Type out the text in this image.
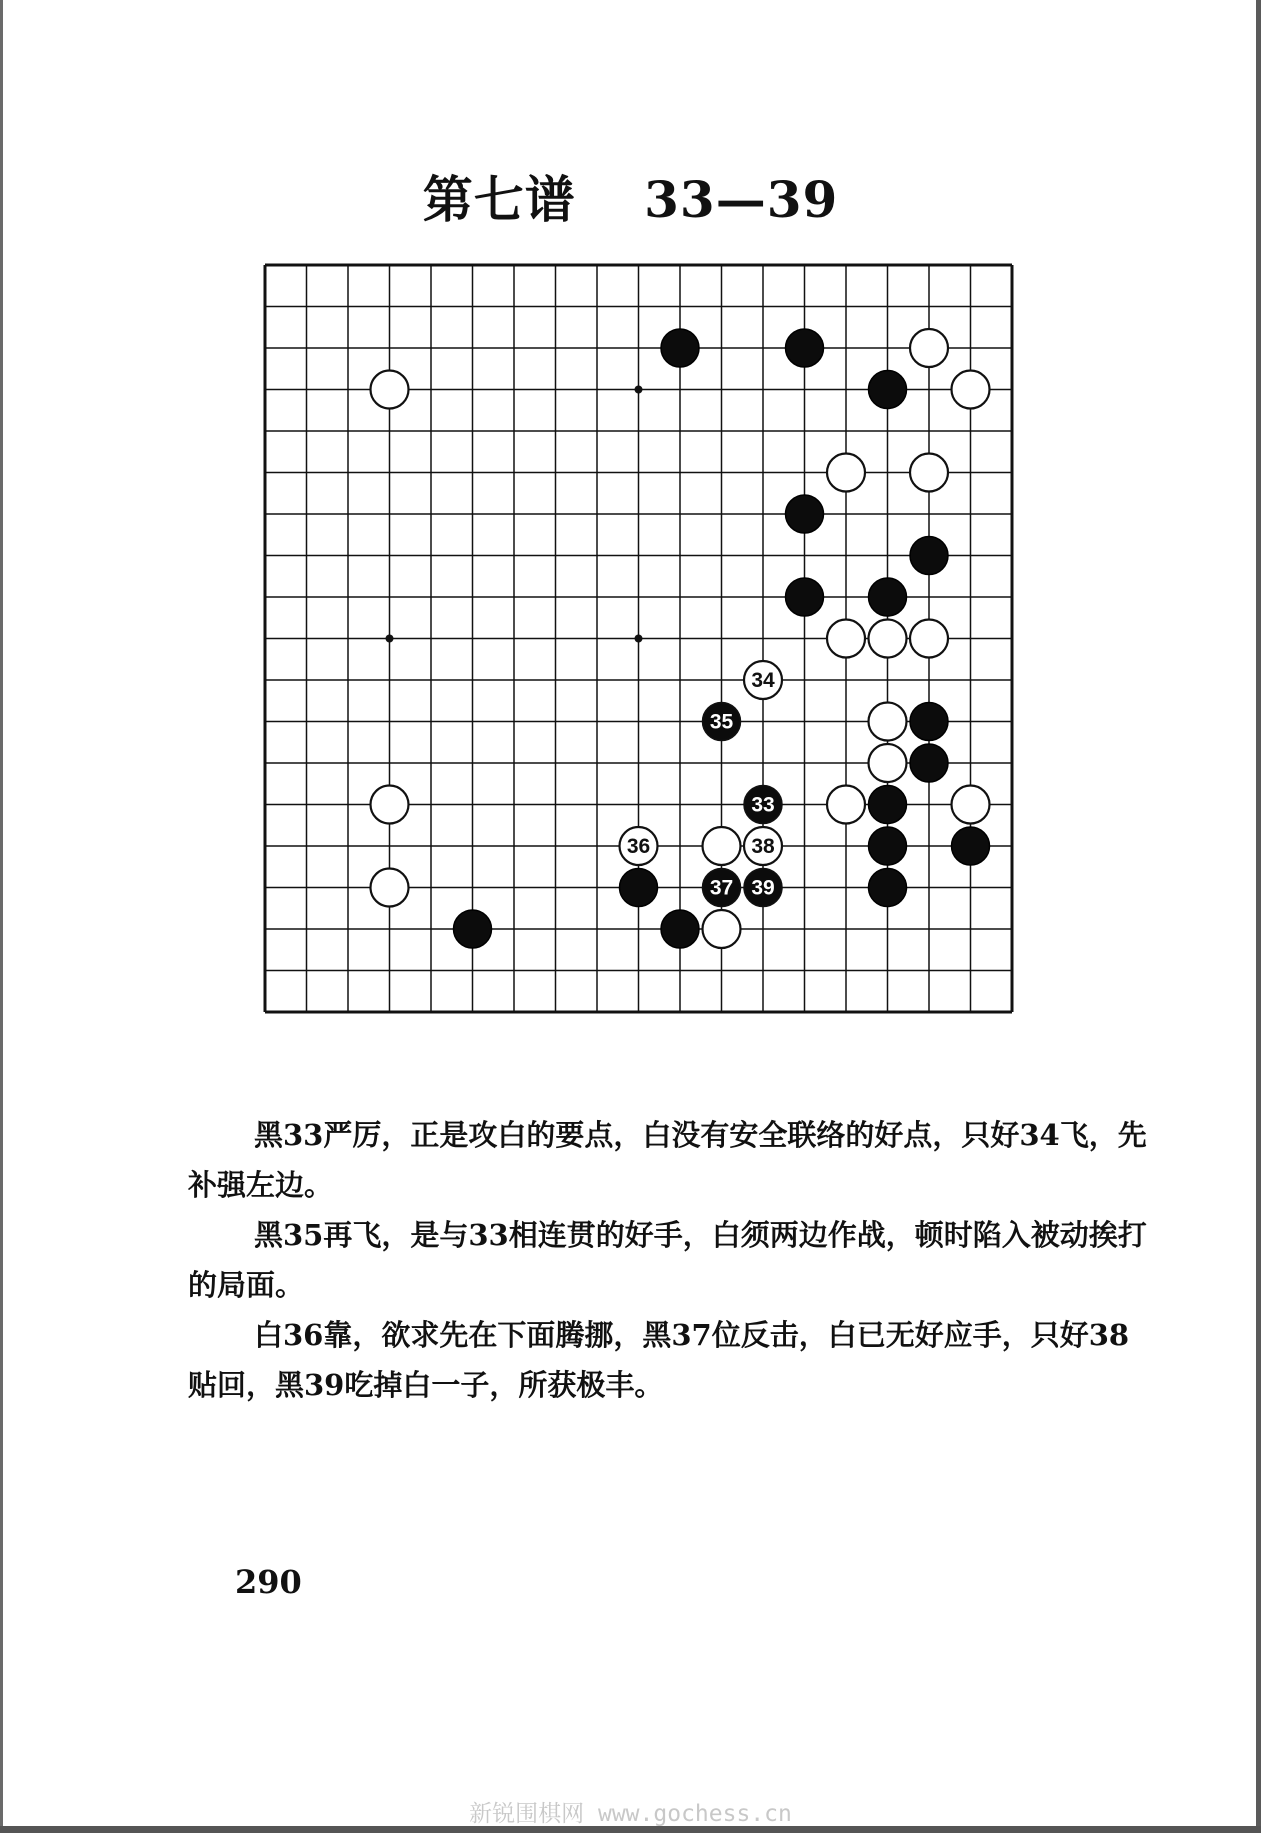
第七谱 33—39
33
34
35
36
37
38
39

黑33严厉，正是攻白的要点，白没有安全联络的好点，只好34飞，先补强左边。

黑35再飞，是与33相连贯的好手，白须两边作战，顿时陷入被动挨打的局面。

白36靠，欲求先在下面腾挪，黑37位反击，白已无好应手，只好38贴回，黑39吃掉白一子，所获极丰。

290
新锐围棋网 www.gochess.cn
